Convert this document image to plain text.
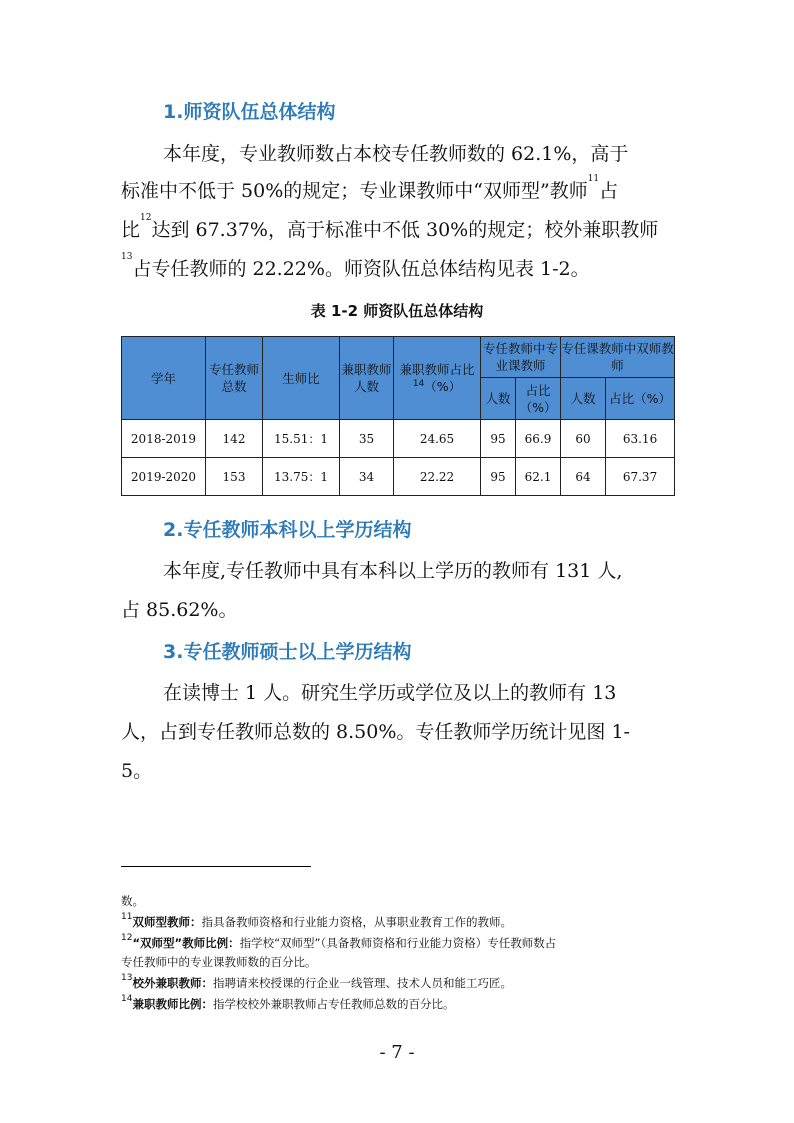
1.师资队伍总体结构
本年度，专业教师数占本校专任教师数的 62.1%，高于
标准中不低于 50%的规定；专业课教师中“双师型”教师$^{11}$占
比$^{12}$达到 67.37%，高于标准中不低 30%的规定；校外兼职教师
$^{13}$占专任教师的 22.22%。师资队伍总体结构见表 1-2。
表 1-2 师资队伍总体结构
学年	专任教师总数	生师比	兼职教师人数	兼职教师占比$^{14}$（%）	专任教师中专业课教师		专任课教师中双师教师	
					人数	占比（%）	人数	占比（%）
2018-2019	142	15.51：1	35	24.65	95	66.9	60	63.16
2019-2020	153	13.75：1	34	22.22	95	62.1	64	67.37
2.专任教师本科以上学历结构
本年度,专任教师中具有本科以上学历的教师有 131 人,
占 85.62%。
3.专任教师硕士以上学历结构
在读博士 1 人。研究生学历或学位及以上的教师有 13
人，占到专任教师总数的 8.50%。专任教师学历统计见图 1-
5。
数。
$^{11}$双师型教师：指具备教师资格和行业能力资格，从事职业教育工作的教师。
$^{12}$“双师型”教师比例：指学校“双师型”（具备教师资格和行业能力资格）专任教师数占
专任教师中的专业课教师数的百分比。
$^{13}$校外兼职教师：指聘请来校授课的行企业一线管理、技术人员和能工巧匠。
$^{14}$兼职教师比例：指学校校外兼职教师占专任教师总数的百分比。
- 7 -
